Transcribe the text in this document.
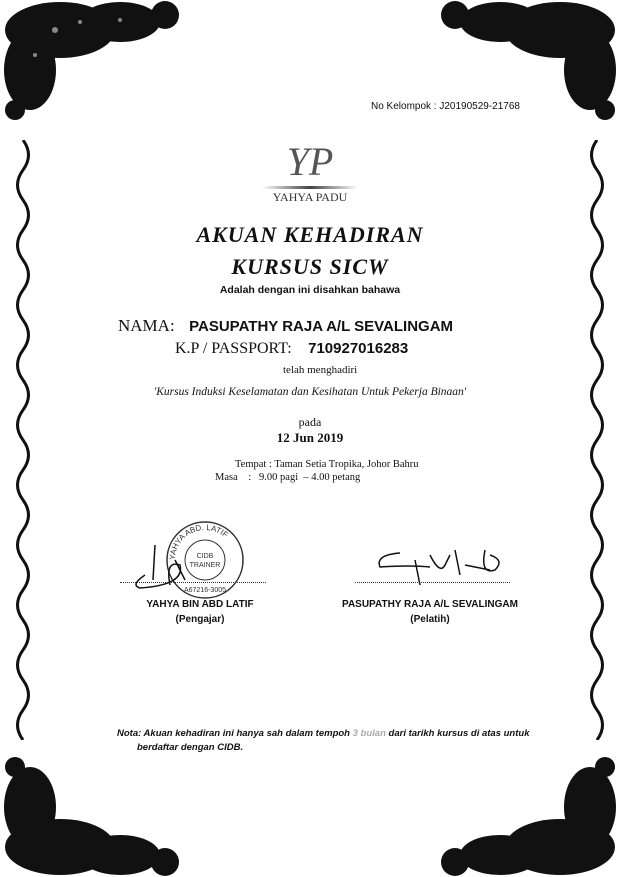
No Kelompok : J20190529-21768
YP
YAHYA PADU
AKUAN KEHADIRAN
KURSUS SICW
Adalah dengan ini disahkan bahawa
NAMA: PASUPATHY RAJA A/L SEVALINGAM
K.P / PASSPORT: 710927016283
telah menghadiri
'Kursus Induksi Keselamatan dan Kesihatan Untuk Pekerja Binaan'
pada
12 Jun 2019
Tempat : Taman Setia Tropika, Johor Bahru
Masa    :   9.00 pagi  – 4.00 petang
CIDB
TRAINER
YAHYA ABD. LATIF
A67216-3005
YAHYA BIN ABD LATIF
(Pengajar)
PASUPATHY RAJA A/L SEVALINGAM
(Pelatih)
Nota: Akuan kehadiran ini hanya sah dalam tempoh 3 bulan dari tarikh kursus di atas untuk
berdaftar dengan CIDB.
